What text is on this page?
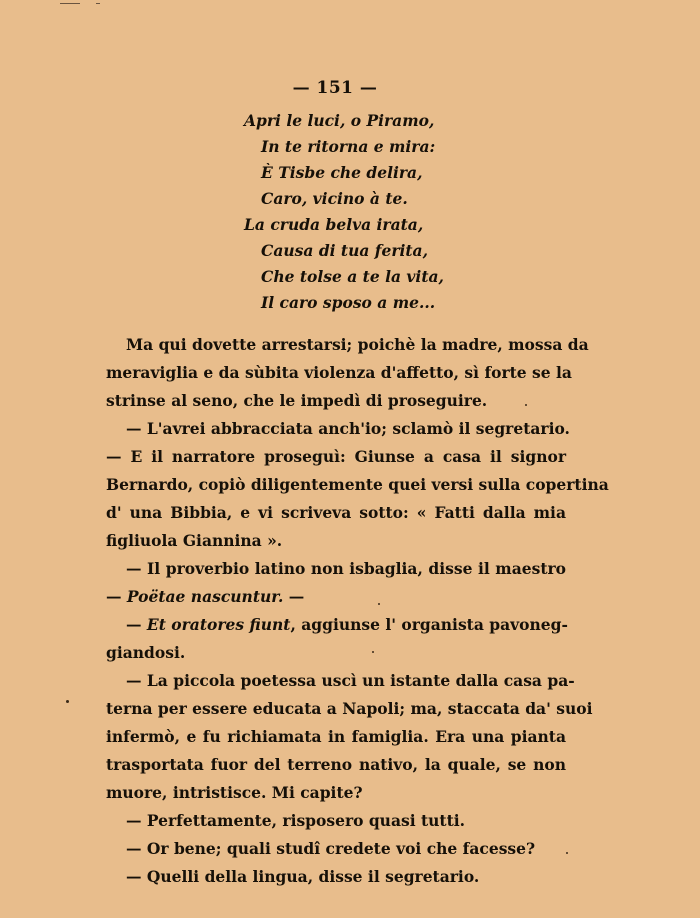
— 151 —
Apri le luci, o Piramo,
In te ritorna e mira:
È Tisbe che delira,
Caro, vicino à te.
La cruda belva irata,
Causa di tua ferita,
Che tolse a te la vita,
Il caro sposo a me...
Ma qui dovette arrestarsi; poichè la madre, mossa da
meraviglia e da sùbita violenza d'affetto, sì forte se la
strinse al seno, che le impedì di proseguire.
— L'avrei abbracciata anch'io; sclamò il segretario.
— E il narratore proseguì: Giunse a casa il signor
Bernardo, copiò diligentemente quei versi sulla copertina
d' una Bibbia, e vi scriveva sotto: « Fatti dalla mia
figliuola Giannina ».
— Il proverbio latino non isbaglia, disse il maestro
— Poëtae nascuntur. —
— Et oratores fiunt, aggiunse l' organista pavoneg-
giandosi.
— La piccola poetessa uscì un istante dalla casa pa-
terna per essere educata a Napoli; ma, staccata da' suoi
infermò, e fu richiamata in famiglia. Era una pianta
trasportata fuor del terreno nativo, la quale, se non
muore, intristisce. Mi capite?
— Perfettamente, risposero quasi tutti.
— Or bene; quali studî credete voi che facesse?
— Quelli della lingua, disse il segretario.
